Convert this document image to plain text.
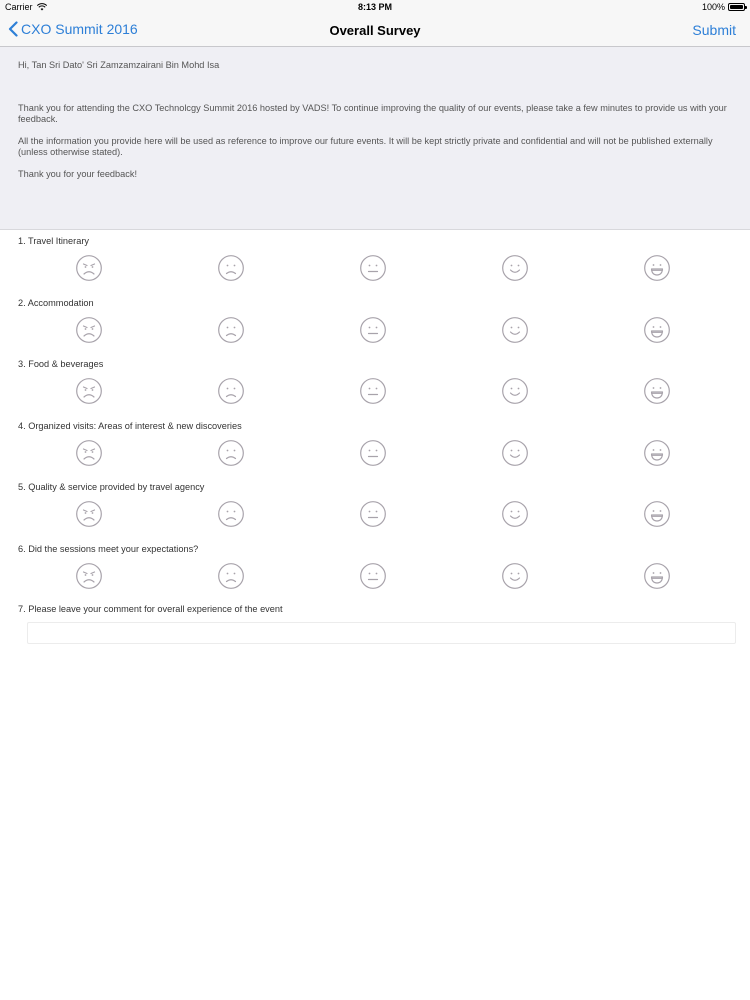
Carrier	8:13 PM	100%
CXO Summit 2016	Overall Survey	Submit

Hi, Tan Sri Dato' Sri Zamzamzairani Bin Mohd Isa

Thank you for attending the CXO Technolcgy Summit 2016 hosted by VADS! To continue improving the quality of our events, please take a few minutes to provide us with your feedback.

All the information you provide here will be used as reference to improve our future events. It will be kept strictly private and confidential and will not be published externally (unless otherwise stated).

Thank you for your feedback!

1. Travel Itinerary
2. Accommodation
3. Food & beverages
4. Organized visits: Areas of interest & new discoveries
5. Quality & service provided by travel agency
6. Did the sessions meet your expectations?
7. Please leave your comment for overall experience of the event
